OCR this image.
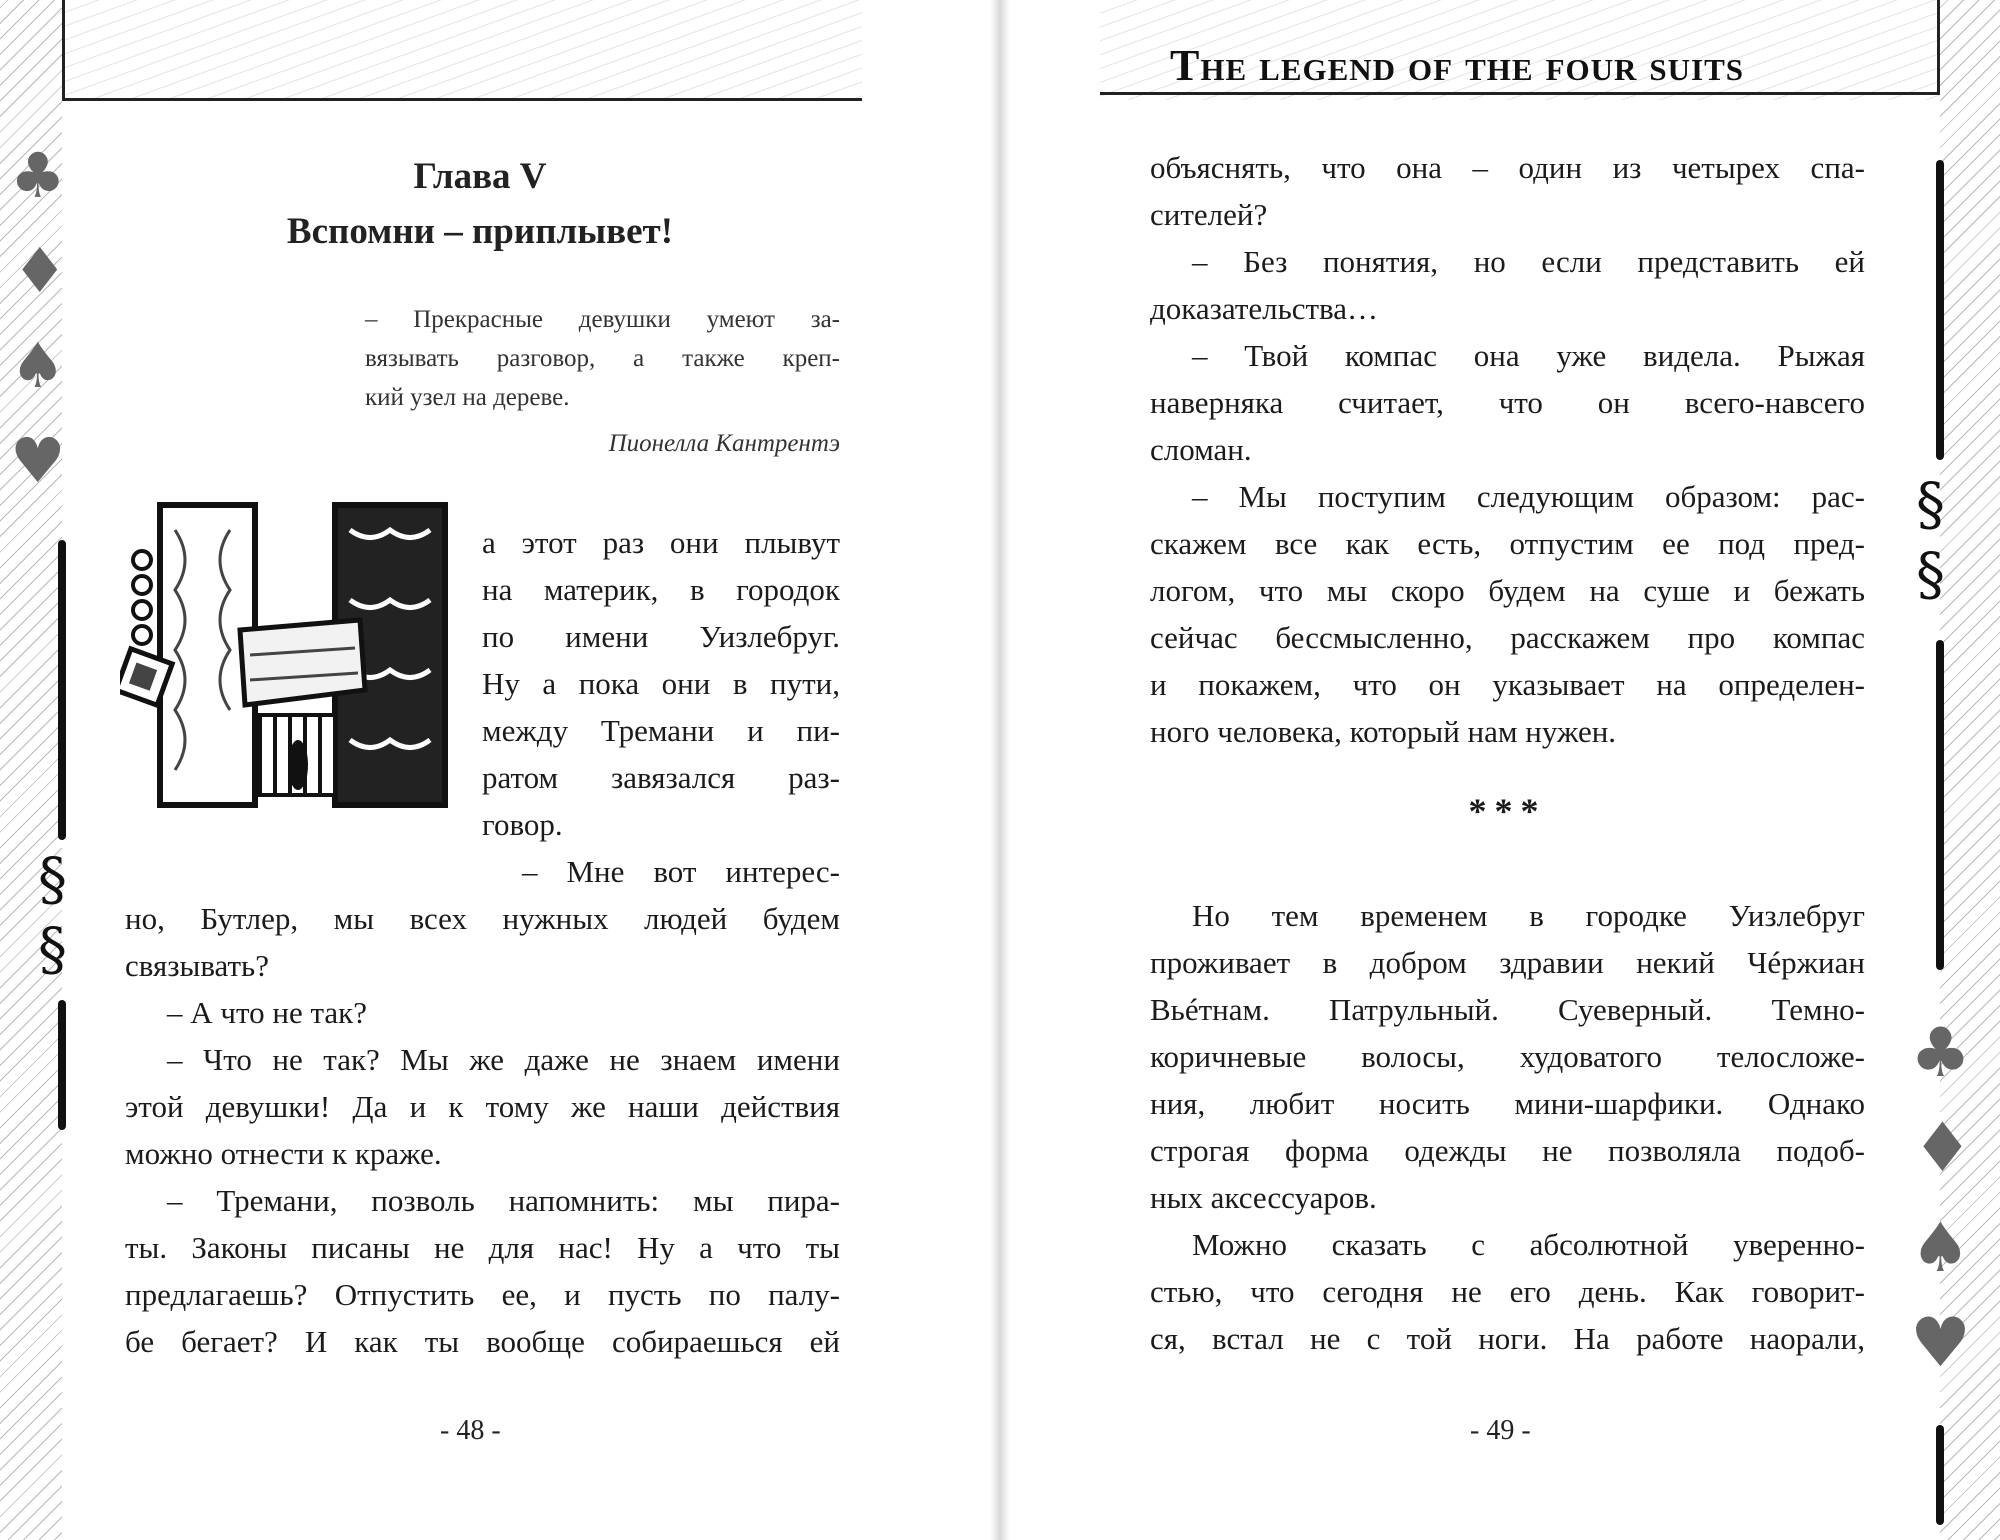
♣
♦
♠
♥
§
§
Глава V
Вспомни – приплывет!
– Прекрасные девушки умеют за-
вязывать разговор, а также креп-
кий узел на дереве.
Пионелла Кантрентэ
а этот раз они плывут
на материк, в городок
по имени Уизлебруг.
Ну а пока они в пути,
между Тремани и пи-
ратом завязался раз-
говор.
– Мне вот интерес-
но, Бутлер, мы всех нужных людей будем
связывать?
– А что не так?
– Что не так? Мы же даже не знаем имени
этой девушки! Да и к тому же наши действия
можно отнести к краже.
– Тремани, позволь напомнить: мы пира-
ты. Законы писаны не для нас! Ну а что ты
предлагаешь? Отпустить ее, и пусть по палу-
бе бегает? И как ты вообще собираешься ей
- 48 -
The legend of the four suits
§
§
♣
♦
♠
♥
объяснять, что она – один из четырех спа-
сителей?
– Без понятия, но если представить ей
доказательства…
– Твой компас она уже видела. Рыжая
наверняка считает, что он всего-навсего
сломан.
– Мы поступим следующим образом: рас-
скажем все как есть, отпустим ее под пред-
логом, что мы скоро будем на суше и бежать
сейчас бессмысленно, расскажем про компас
и покажем, что он указывает на определен-
ного человека, который нам нужен.
***
Но тем временем в городке Уизлебруг
проживает в добром здравии некий Чéржиан
Вьéтнам. Патрульный. Суеверный. Темно-
коричневые волосы, худоватого телосложе-
ния, любит носить мини-шарфики. Однако
строгая форма одежды не позволяла подоб-
ных аксессуаров.
Можно сказать с абсолютной уверенно-
стью, что сегодня не его день. Как говорит-
ся, встал не с той ноги. На работе наорали,
- 49 -
